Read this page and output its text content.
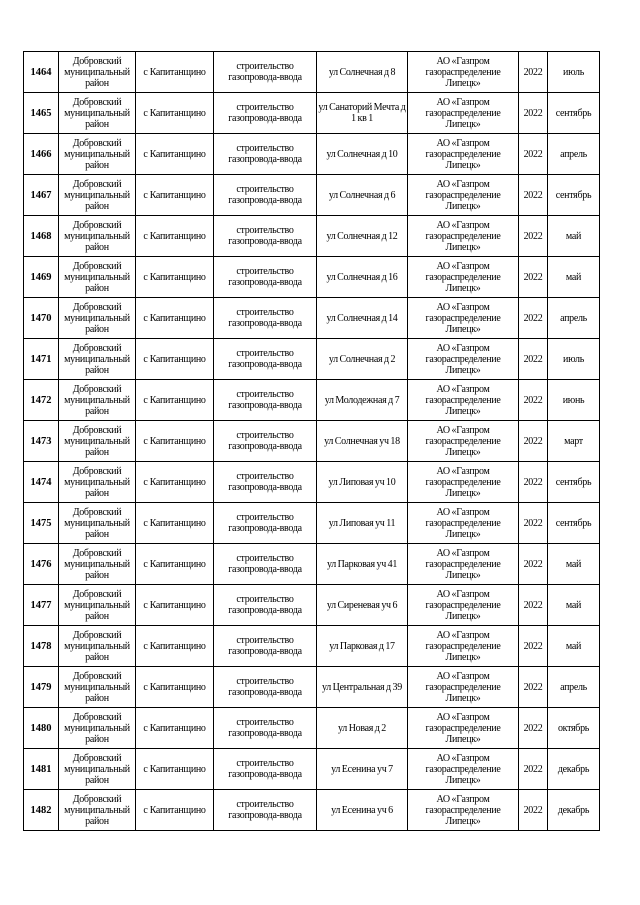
1464	Добровский муниципальный район	с Капитанщино	строительство газопровода-ввода	ул Солнечная д 8	АО «Газпром газораспределение Липецк»	2022	июль
1465	Добровский муниципальный район	с Капитанщино	строительство газопровода-ввода	ул Санаторий Мечта д 1 кв 1	АО «Газпром газораспределение Липецк»	2022	сентябрь
1466	Добровский муниципальный район	с Капитанщино	строительство газопровода-ввода	ул Солнечная д 10	АО «Газпром газораспределение Липецк»	2022	апрель
1467	Добровский муниципальный район	с Капитанщино	строительство газопровода-ввода	ул Солнечная д 6	АО «Газпром газораспределение Липецк»	2022	сентябрь
1468	Добровский муниципальный район	с Капитанщино	строительство газопровода-ввода	ул Солнечная д 12	АО «Газпром газораспределение Липецк»	2022	май
1469	Добровский муниципальный район	с Капитанщино	строительство газопровода-ввода	ул Солнечная д 16	АО «Газпром газораспределение Липецк»	2022	май
1470	Добровский муниципальный район	с Капитанщино	строительство газопровода-ввода	ул Солнечная д 14	АО «Газпром газораспределение Липецк»	2022	апрель
1471	Добровский муниципальный район	с Капитанщино	строительство газопровода-ввода	ул Солнечная д 2	АО «Газпром газораспределение Липецк»	2022	июль
1472	Добровский муниципальный район	с Капитанщино	строительство газопровода-ввода	ул Молодежная д 7	АО «Газпром газораспределение Липецк»	2022	июнь
1473	Добровский муниципальный район	с Капитанщино	строительство газопровода-ввода	ул Солнечная уч 18	АО «Газпром газораспределение Липецк»	2022	март
1474	Добровский муниципальный район	с Капитанщино	строительство газопровода-ввода	ул Липовая уч 10	АО «Газпром газораспределение Липецк»	2022	сентябрь
1475	Добровский муниципальный район	с Капитанщино	строительство газопровода-ввода	ул Липовая уч 11	АО «Газпром газораспределение Липецк»	2022	сентябрь
1476	Добровский муниципальный район	с Капитанщино	строительство газопровода-ввода	ул Парковая уч 41	АО «Газпром газораспределение Липецк»	2022	май
1477	Добровский муниципальный район	с Капитанщино	строительство газопровода-ввода	ул Сиреневая уч 6	АО «Газпром газораспределение Липецк»	2022	май
1478	Добровский муниципальный район	с Капитанщино	строительство газопровода-ввода	ул Парковая д 17	АО «Газпром газораспределение Липецк»	2022	май
1479	Добровский муниципальный район	с Капитанщино	строительство газопровода-ввода	ул Центральная д 39	АО «Газпром газораспределение Липецк»	2022	апрель
1480	Добровский муниципальный район	с Капитанщино	строительство газопровода-ввода	ул Новая д 2	АО «Газпром газораспределение Липецк»	2022	октябрь
1481	Добровский муниципальный район	с Капитанщино	строительство газопровода-ввода	ул Есенина уч 7	АО «Газпром газораспределение Липецк»	2022	декабрь
1482	Добровский муниципальный район	с Капитанщино	строительство газопровода-ввода	ул Есенина уч 6	АО «Газпром газораспределение Липецк»	2022	декабрь
